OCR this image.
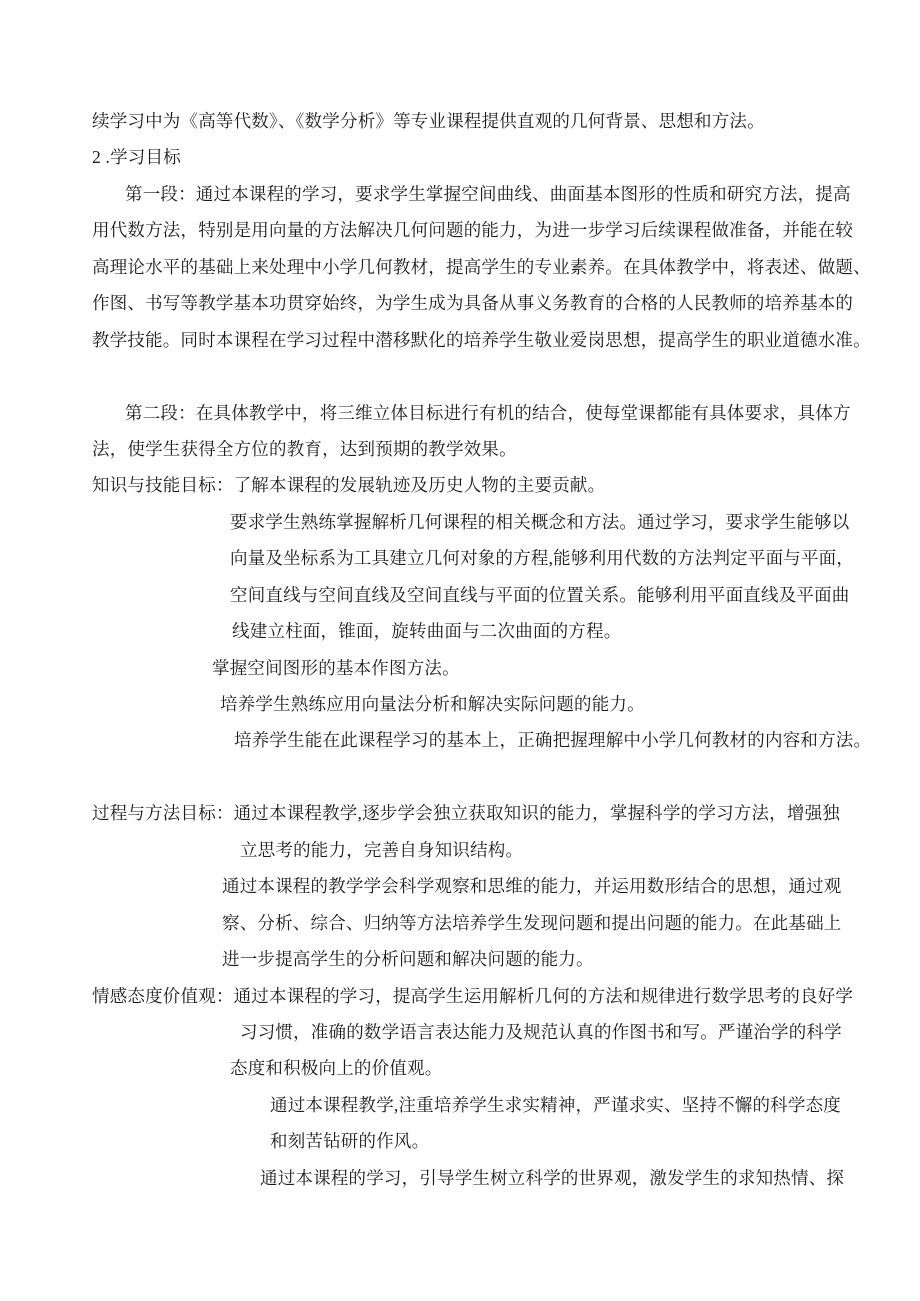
续学习中为《高等代数》、《数学分析》等专业课程提供直观的几何背景、思想和方法。
2 .学习目标
第一段：通过本课程的学习，要求学生掌握空间曲线、曲面基本图形的性质和研究方法，提高
用代数方法，特别是用向量的方法解决几何问题的能力，为进一步学习后续课程做准备，并能在较
高理论水平的基础上来处理中小学几何教材，提高学生的专业素养。在具体教学中，将表述、做题、
作图、书写等教学基本功贯穿始终，为学生成为具备从事义务教育的合格的人民教师的培养基本的
教学技能。同时本课程在学习过程中潜移默化的培养学生敬业爱岗思想，提高学生的职业道德水准。

第二段：在具体教学中，将三维立体目标进行有机的结合，使每堂课都能有具体要求，具体方
法，使学生获得全方位的教育，达到预期的教学效果。
知识与技能目标：了解本课程的发展轨迹及历史人物的主要贡献。
要求学生熟练掌握解析几何课程的相关概念和方法。通过学习，要求学生能够以
向量及坐标系为工具建立几何对象的方程,能够利用代数的方法判定平面与平面，
空间直线与空间直线及空间直线与平面的位置关系。能够利用平面直线及平面曲
线建立柱面，锥面，旋转曲面与二次曲面的方程。
掌握空间图形的基本作图方法。
培养学生熟练应用向量法分析和解决实际问题的能力。
培养学生能在此课程学习的基本上，正确把握理解中小学几何教材的内容和方法。

过程与方法目标：通过本课程教学,逐步学会独立获取知识的能力，掌握科学的学习方法，增强独
立思考的能力，完善自身知识结构。
通过本课程的教学学会科学观察和思维的能力，并运用数形结合的思想，通过观
察、分析、综合、归纳等方法培养学生发现问题和提出问题的能力。在此基础上
进一步提高学生的分析问题和解决问题的能力。
情感态度价值观：通过本课程的学习，提高学生运用解析几何的方法和规律进行数学思考的良好学
习习惯，准确的数学语言表达能力及规范认真的作图书和写。严谨治学的科学
态度和积极向上的价值观。
通过本课程教学,注重培养学生求实精神，严谨求实、坚持不懈的科学态度
和刻苦钻研的作风。
通过本课程的学习，引导学生树立科学的世界观，激发学生的求知热情、探
